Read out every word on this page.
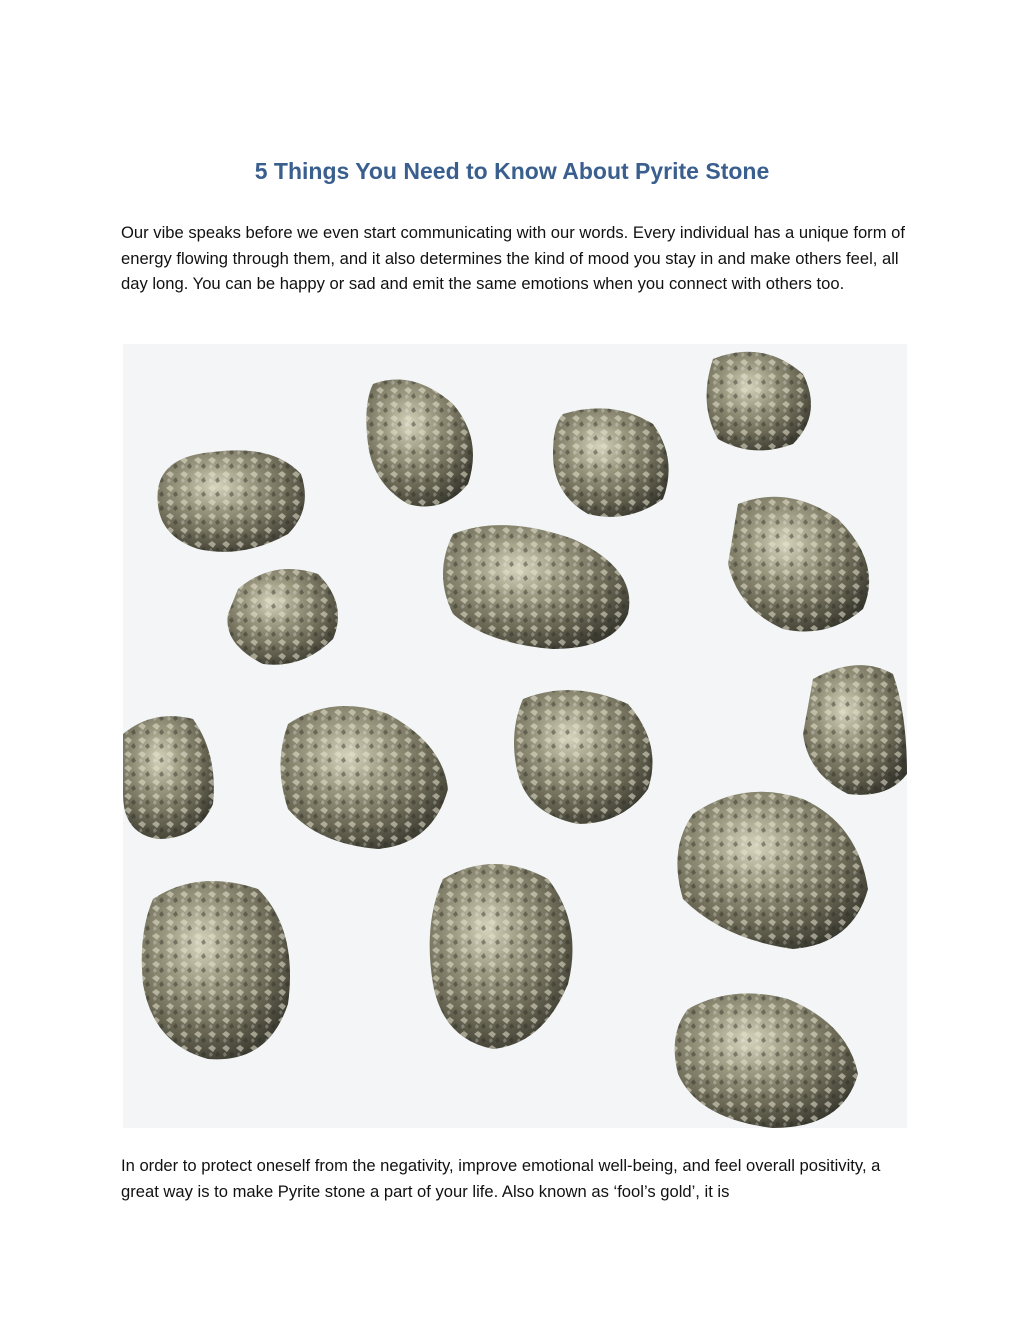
5 Things You Need to Know About Pyrite Stone

Our vibe speaks before we even start communicating with our words. Every individual has a unique form of energy flowing through them, and it also determines the kind of mood you stay in and make others feel, all day long. You can be happy or sad and emit the same emotions when you connect with others too.

In order to protect oneself from the negativity, improve emotional well-being, and feel overall positivity, a great way is to make Pyrite stone a part of your life. Also known as ‘fool’s gold’, it is
